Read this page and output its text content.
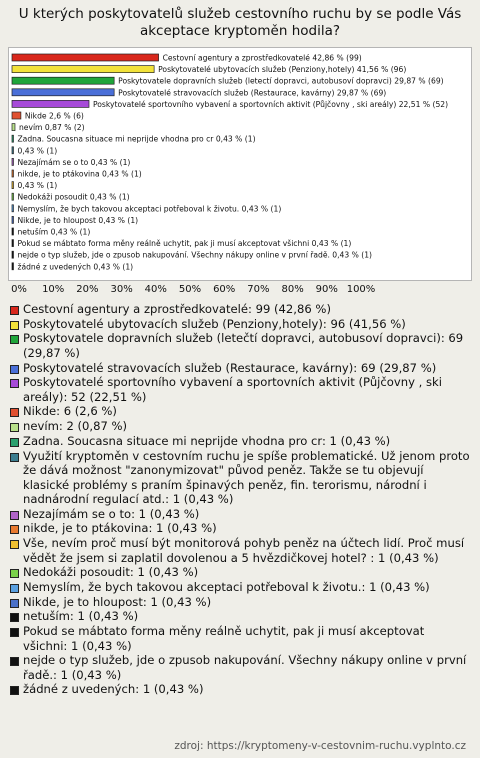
U kterých poskytovatelů služeb cestovního ruchu by se podle Vás akceptace kryptoměn hodila?
Cestovní agentury a zprostředkovatelé 42,86 % (99)
Poskytovatelé ubytovacích služeb (Penziony,hotely) 41,56 % (96)
Poskytovatele dopravních služeb (letectí dopravci, autobusoví dopravci) 29,87 % (69)
Poskytovatelé stravovacích služeb (Restaurace, kavárny) 29,87 % (69)
Poskytovatelé sportovního vybavení a sportovních aktivit (Půjčovny , ski areály) 22,51 % (52)
Nikde 2,6 % (6)
nevím 0,87 % (2)
Zadna. Soucasna situace mi neprijde vhodna pro cr 0,43 % (1)
0,43 % (1)
Nezajímám se o to 0,43 % (1)
nikde, je to ptákovina 0,43 % (1)
0,43 % (1)
Nedokáži posoudit 0,43 % (1)
Nemyslím, že bych takovou akceptaci potřeboval k životu. 0,43 % (1)
Nikde, je to hloupost 0,43 % (1)
netuším 0,43 % (1)
Pokud se mábtato forma měny reálně uchytit, pak ji musí akceptovat všichni 0,43 % (1)
nejde o typ služeb, jde o zpusob nakupování. Všechny nákupy online v první řadě. 0,43 % (1)
žádné z uvedených 0,43 % (1)
0% 10% 20% 30% 40% 50% 60% 70% 80% 90% 100%
Cestovní agentury a zprostředkovatelé: 99 (42,86 %)
Poskytovatelé ubytovacích služeb (Penziony,hotely): 96 (41,56 %)
Poskytovatele dopravních služeb (letečtí dopravci, autobusoví dopravci): 69 (29,87 %)
Poskytovatelé stravovacích služeb (Restaurace, kavárny): 69 (29,87 %)
Poskytovatelé sportovního vybavení a sportovních aktivit (Půjčovny , ski areály): 52 (22,51 %)
Nikde: 6 (2,6 %)
nevím: 2 (0,87 %)
Zadna. Soucasna situace mi neprijde vhodna pro cr: 1 (0,43 %)
Využití kryptoměn v cestovním ruchu je spíše problematické. Už jenom proto že dává možnost "zanonymizovat" původ peněz. Takže se tu objevují klasické problémy s praním špinavých peněz, fin. terorismu, národní i nadnárodní regulací atd.: 1 (0,43 %)
Nezajímám se o to: 1 (0,43 %)
nikde, je to ptákovina: 1 (0,43 %)
Vše, nevím proč musí být monitorová pohyb peněz na účtech lidí. Proč musí vědět že jsem si zaplatil dovolenou a 5 hvězdičkovej hotel? : 1 (0,43 %)
Nedokáži posoudit: 1 (0,43 %)
Nemyslím, že bych takovou akceptaci potřeboval k životu.: 1 (0,43 %)
Nikde, je to hloupost: 1 (0,43 %)
netuším: 1 (0,43 %)
Pokud se mábtato forma měny reálně uchytit, pak ji musí akceptovat všichni: 1 (0,43 %)
nejde o typ služeb, jde o zpusob nakupování. Všechny nákupy online v první řadě.: 1 (0,43 %)
žádné z uvedených: 1 (0,43 %)
zdroj: https://kryptomeny-v-cestovnim-ruchu.vyplnto.cz
